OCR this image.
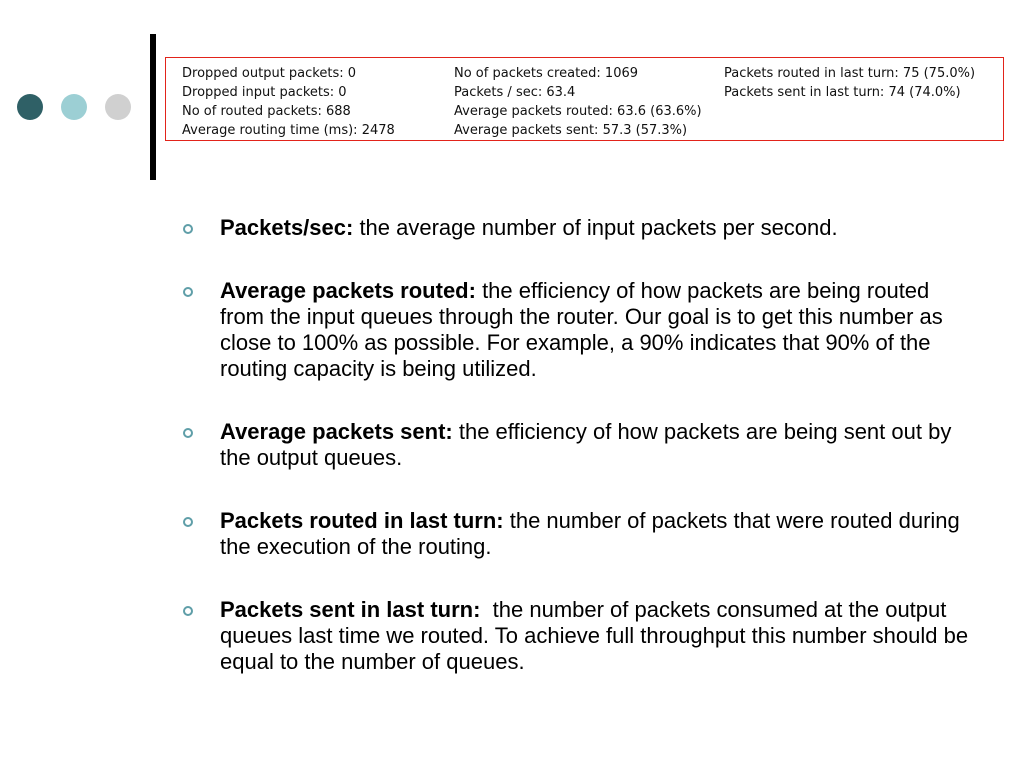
Dropped output packets: 0
Dropped input packets: 0
No of routed packets: 688
Average routing time (ms): 2478
No of packets created: 1069
Packets / sec: 63.4
Average packets routed: 63.6 (63.6%)
Average packets sent: 57.3 (57.3%)
Packets routed in last turn: 75 (75.0%)
Packets sent in last turn: 74 (74.0%)
Packets/sec: the average number of input packets per second.
Average packets routed: the efficiency of how packets are being routed from the input queues through the router. Our goal is to get this number as close to 100% as possible. For example, a 90% indicates that 90% of the routing capacity is being utilized.
Average packets sent: the efficiency of how packets are being sent out by the output queues.
Packets routed in last turn: the number of packets that were routed during the execution of the routing.
Packets sent in last turn:  the number of packets consumed at the output queues last time we routed. To achieve full throughput this number should be equal to the number of queues.
